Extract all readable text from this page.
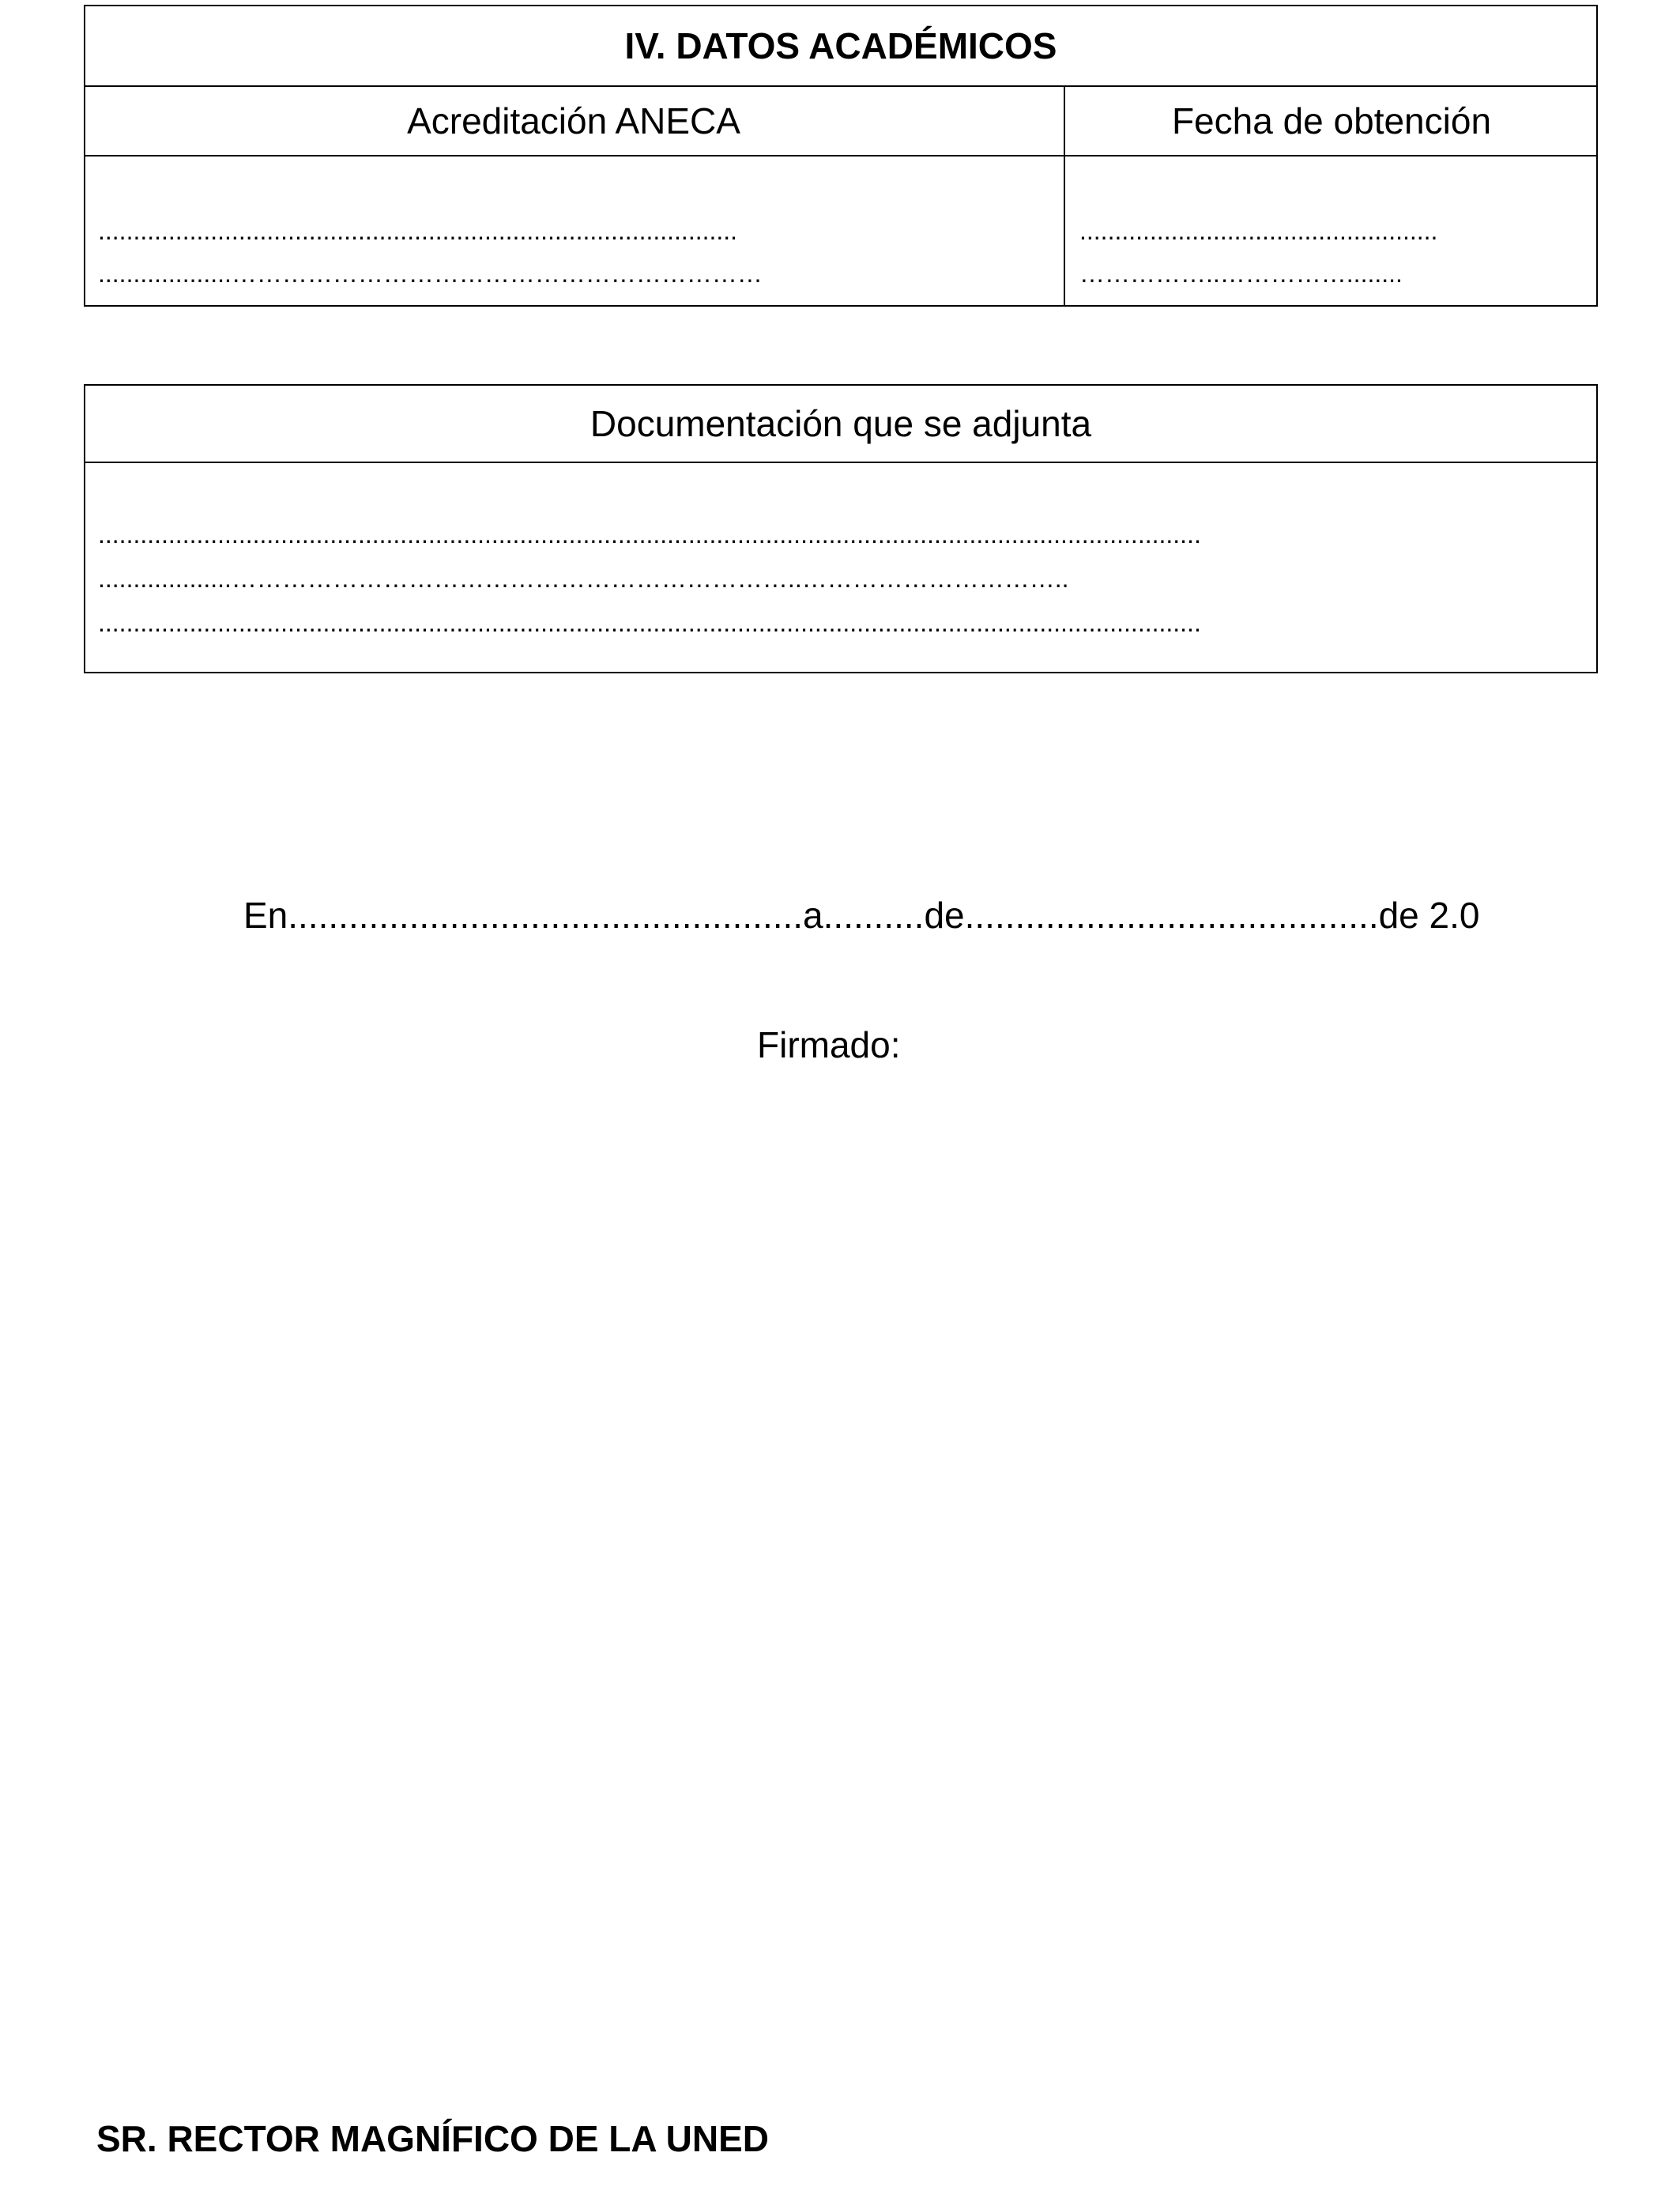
IV. DATOS ACADÉMICOS
Acreditación ANECA	Fecha de obtención
...........................................................................................
...................………………………………………………………
...................................................
……………..……………........
Documentación que se adjunta
.............................................................................................................................................................
...................…………………………………………………………..…………………………..
.............................................................................................................................................................
En...................................................a..........de.........................................de 2.0
Firmado:
SR. RECTOR MAGNÍFICO DE LA UNED
